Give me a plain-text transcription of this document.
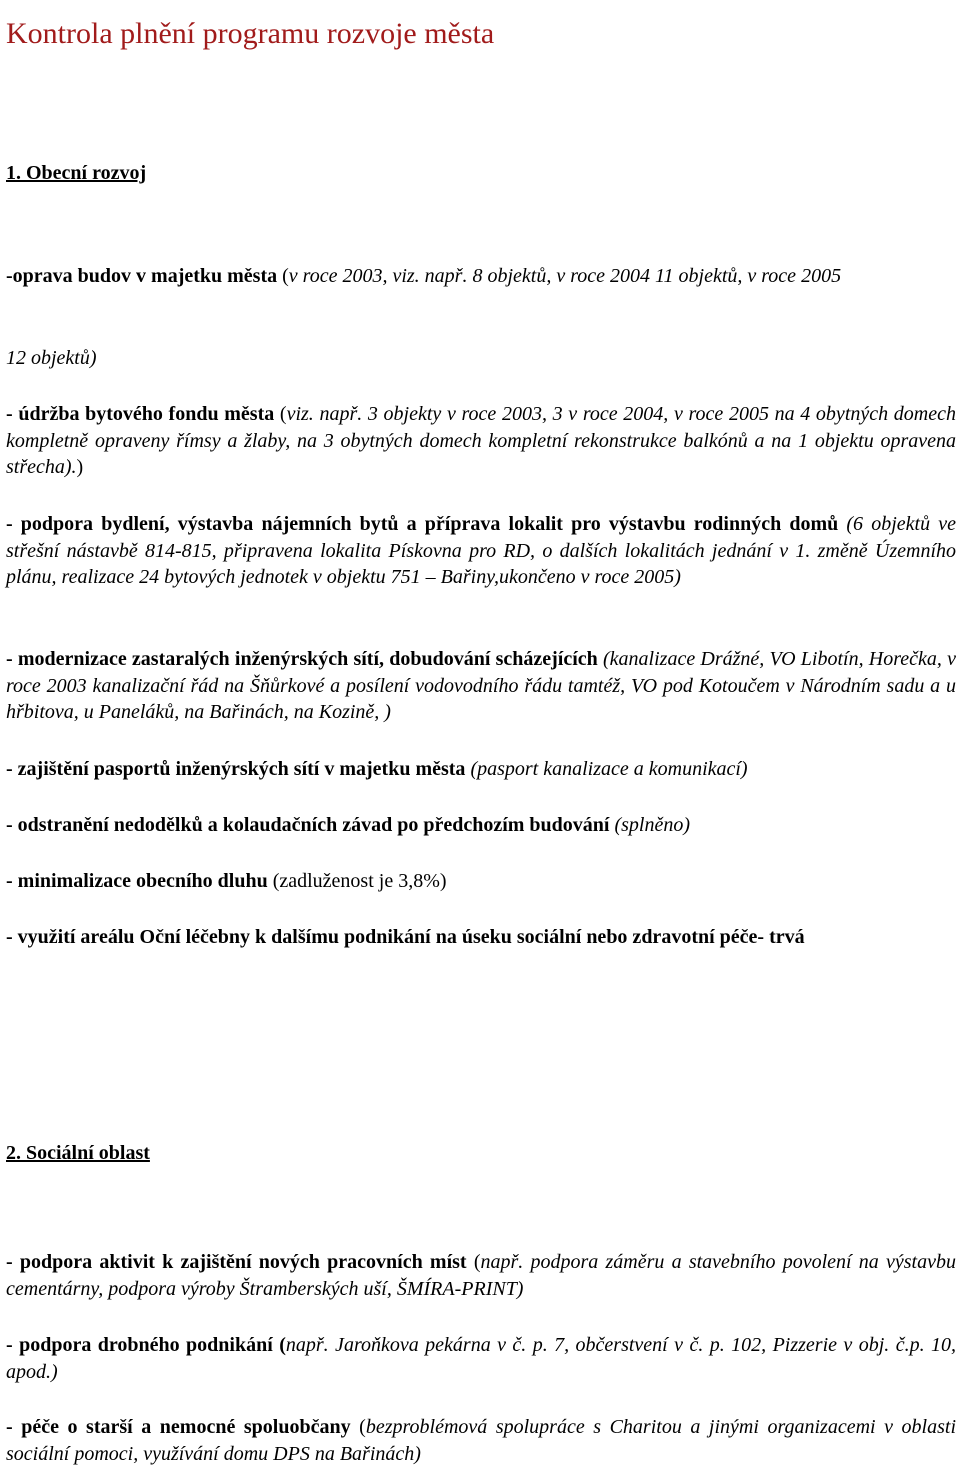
Kontrola plnění programu rozvoje města
1. Obecní rozvoj

-oprava budov v majetku města (v roce 2003, viz. např. 8 objektů, v roce 2004 11 objektů, v roce 2005

12 objektů)

- údržba bytového fondu města (viz. např. 3 objekty v roce 2003, 3 v roce 2004, v roce 2005 na 4 obytných domech kompletně opraveny římsy a žlaby, na 3 obytných domech kompletní rekonstrukce balkónů a na 1 objektu opravena střecha).)

- podpora bydlení, výstavba nájemních bytů a příprava lokalit pro výstavbu rodinných domů (6 objektů ve střešní nástavbě 814-815, připravena lokalita Pískovna pro RD, o dalších lokalitách jednání v 1. změně Územního plánu, realizace 24 bytových jednotek v objektu 751 – Bařiny,ukončeno v roce 2005)

- modernizace zastaralých inženýrských sítí, dobudování scházejících (kanalizace Drážné, VO Libotín, Horečka, v roce 2003 kanalizační řád na Šňůrkové a posílení vodovodního řádu tamtéž, VO pod Kotoučem v Národním sadu a u hřbitova, u Paneláků, na Bařinách, na Kozině, )

- zajištění pasportů inženýrských sítí v majetku města (pasport kanalizace a komunikací)

- odstranění nedodělků a kolaudačních závad po předchozím budování (splněno)

- minimalizace obecního dluhu (zadluženost je 3,8%)

- využití areálu Oční léčebny k dalšímu podnikání na úseku sociální nebo zdravotní péče- trvá

2. Sociální oblast

- podpora aktivit k zajištění nových pracovních míst (např. podpora záměru a stavebního povolení na výstavbu cementárny, podpora výroby Štramberských uší, ŠMÍRA-PRINT)

- podpora drobného podnikání (např. Jaroňkova pekárna v č. p. 7, občerstvení v č. p. 102, Pizzerie v obj. č.p. 10, apod.)

- péče o starší a nemocné spoluobčany (bezproblémová spolupráce s Charitou a jinými organizacemi v oblasti sociální pomoci, využívání domu DPS na Bařinách)
